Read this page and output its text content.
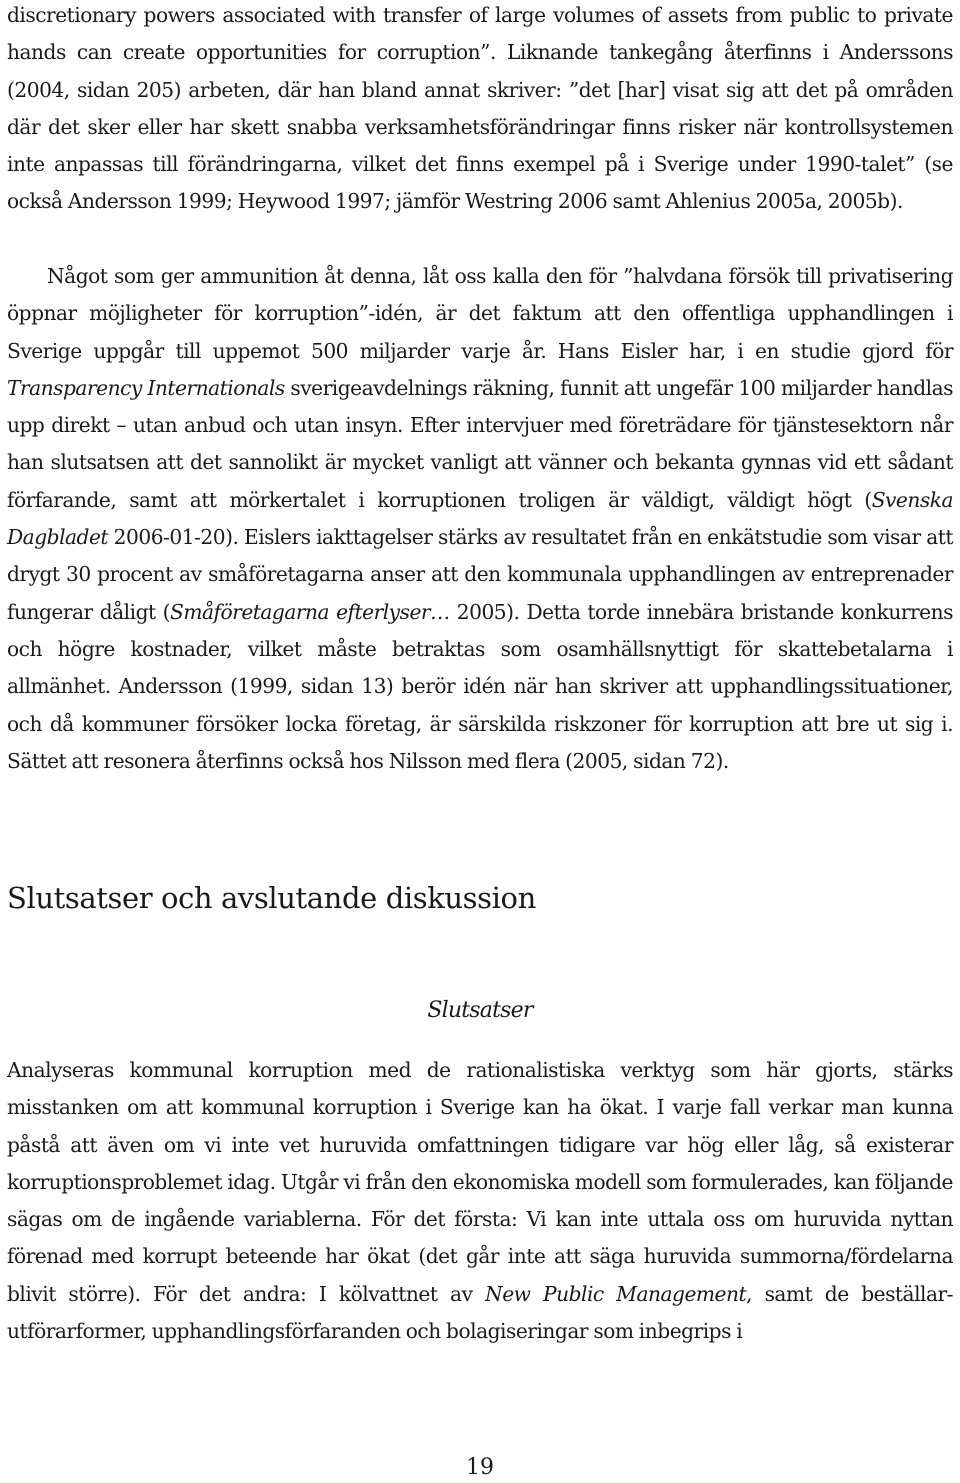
discretionary powers associated with transfer of large volumes of assets from public to private hands can create opportunities for corruption”. Liknande tankegång återfinns i Anderssons (2004, sidan 205) arbeten, där han bland annat skriver: ”det [har] visat sig att det på områden där det sker eller har skett snabba verksamhetsförändringar finns risker när kontrollsystemen inte anpassas till förändringarna, vilket det finns exempel på i Sverige under 1990-talet” (se också Andersson 1999; Heywood 1997; jämför Westring 2006 samt Ahlenius 2005a, 2005b).

Något som ger ammunition åt denna, låt oss kalla den för ”halvdana försök till privatisering öppnar möjligheter för korruption”-idén, är det faktum att den offentliga upphandlingen i Sverige uppgår till uppemot 500 miljarder varje år. Hans Eisler har, i en studie gjord för Transparency Internationals sverigeavdelnings räkning, funnit att ungefär 100 miljarder handlas upp direkt – utan anbud och utan insyn. Efter intervjuer med företrädare för tjänstesektorn når han slutsatsen att det sannolikt är mycket vanligt att vänner och bekanta gynnas vid ett sådant förfarande, samt att mörkertalet i korruptionen troligen är väldigt, väldigt högt (Svenska Dagbladet 2006-01-20). Eislers iakttagelser stärks av resultatet från en enkätstudie som visar att drygt 30 procent av småföretagarna anser att den kommunala upphandlingen av entreprenader fungerar dåligt (Småföretagarna efterlyser… 2005). Detta torde innebära bristande konkurrens och högre kostnader, vilket måste betraktas som osamhällsnyttigt för skattebetalarna i allmänhet. Andersson (1999, sidan 13) berör idén när han skriver att upphandlingssituationer, och då kommuner försöker locka företag, är särskilda riskzoner för korruption att bre ut sig i. Sättet att resonera återfinns också hos Nilsson med flera (2005, sidan 72).

Slutsatser och avslutande diskussion
Slutsatser

Analyseras kommunal korruption med de rationalistiska verktyg som här gjorts, stärks misstanken om att kommunal korruption i Sverige kan ha ökat. I varje fall verkar man kunna påstå att även om vi inte vet huruvida omfattningen tidigare var hög eller låg, så existerar korruptionsproblemet idag. Utgår vi från den ekonomiska modell som formulerades, kan följande sägas om de ingående variablerna. För det första: Vi kan inte uttala oss om huruvida nyttan förenad med korrupt beteende har ökat (det går inte att säga huruvida summorna/fördelarna blivit större). För det andra: I kölvattnet av New Public Management, samt de beställar-utförarformer, upphandlingsförfaranden och bolagiseringar som inbegrips i

19
